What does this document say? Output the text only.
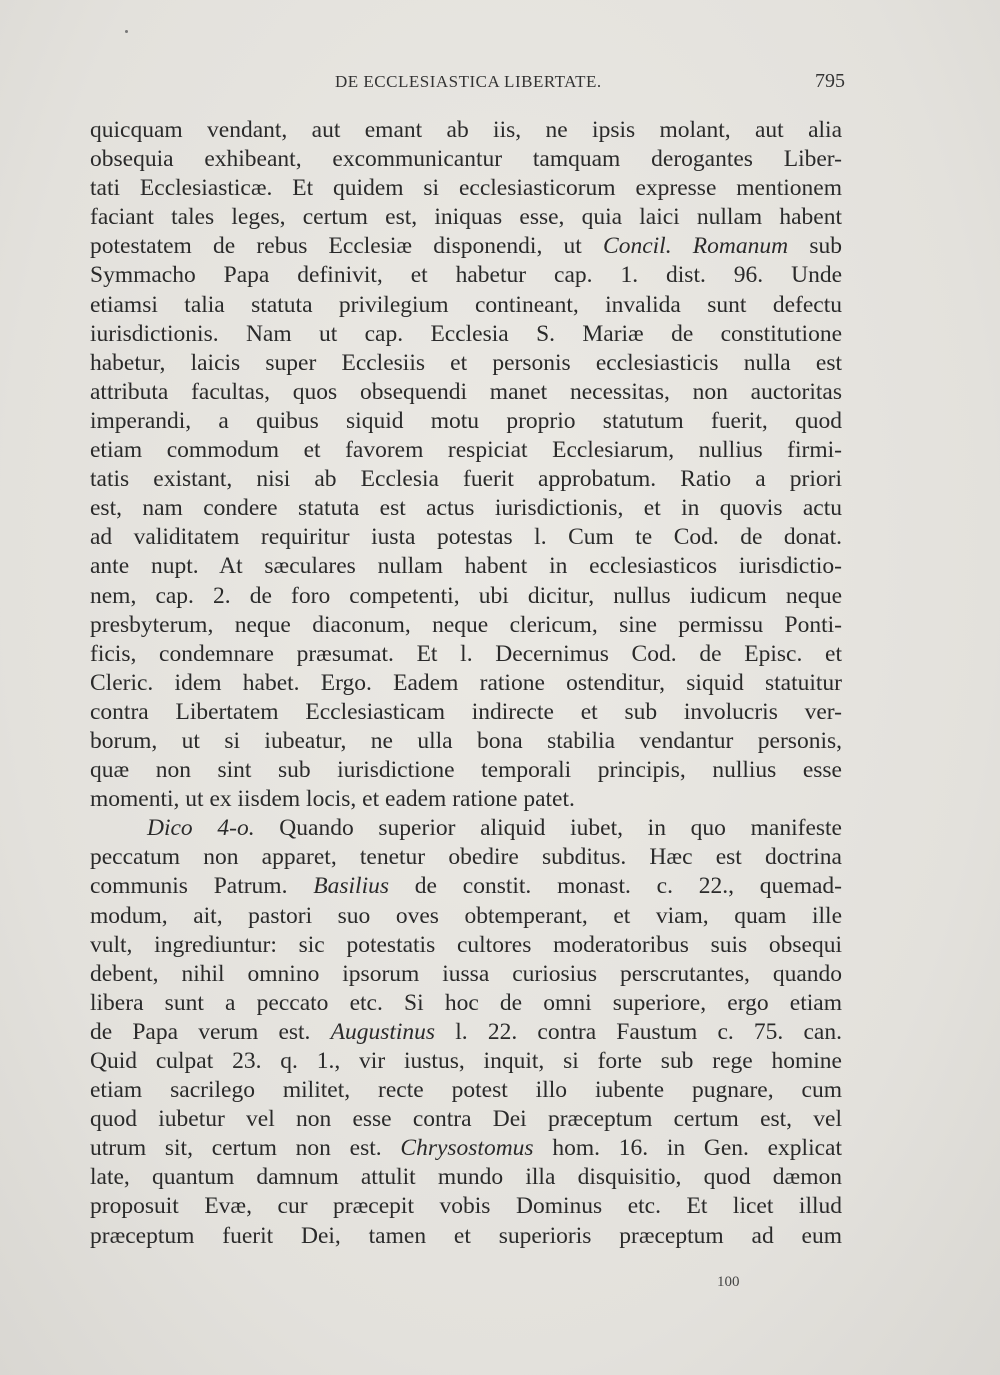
DE ECCLESIASTICA LIBERTATE.	795
quicquam vendant, aut emant ab iis, ne ipsis molant, aut alia
obsequia exhibeant, excommunicantur tamquam derogantes Liber-
tati Ecclesiasticæ. Et quidem si ecclesiasticorum expresse mentionem
faciant tales leges, certum est, iniquas esse, quia laici nullam habent
potestatem de rebus Ecclesiæ disponendi, ut Concil. Romanum sub
Symmacho Papa definivit, et habetur cap. 1. dist. 96. Unde
etiamsi talia statuta privilegium contineant, invalida sunt defectu
iurisdictionis. Nam ut cap. Ecclesia S. Mariæ de constitutione
habetur, laicis super Ecclesiis et personis ecclesiasticis nulla est
attributa facultas, quos obsequendi manet necessitas, non auctoritas
imperandi, a quibus siquid motu proprio statutum fuerit, quod
etiam commodum et favorem respiciat Ecclesiarum, nullius firmi-
tatis existant, nisi ab Ecclesia fuerit approbatum. Ratio a priori
est, nam condere statuta est actus iurisdictionis, et in quovis actu
ad validitatem requiritur iusta potestas l. Cum te Cod. de donat.
ante nupt. At sæculares nullam habent in ecclesiasticos iurisdictio-
nem, cap. 2. de foro competenti, ubi dicitur, nullus iudicum neque
presbyterum, neque diaconum, neque clericum, sine permissu Ponti-
ficis, condemnare præsumat. Et l. Decernimus Cod. de Episc. et
Cleric. idem habet. Ergo. Eadem ratione ostenditur, siquid statuitur
contra Libertatem Ecclesiasticam indirecte et sub involucris ver-
borum, ut si iubeatur, ne ulla bona stabilia vendantur personis,
quæ non sint sub iurisdictione temporali principis, nullius esse
momenti, ut ex iisdem locis, et eadem ratione patet.
Dico 4-o. Quando superior aliquid iubet, in quo manifeste
peccatum non apparet, tenetur obedire subditus. Hæc est doctrina
communis Patrum. Basilius de constit. monast. c. 22., quemad-
modum, ait, pastori suo oves obtemperant, et viam, quam ille
vult, ingrediuntur: sic potestatis cultores moderatoribus suis obsequi
debent, nihil omnino ipsorum iussa curiosius perscrutantes, quando
libera sunt a peccato etc. Si hoc de omni superiore, ergo etiam
de Papa verum est. Augustinus l. 22. contra Faustum c. 75. can.
Quid culpat 23. q. 1., vir iustus, inquit, si forte sub rege homine
etiam sacrilego militet, recte potest illo iubente pugnare, cum
quod iubetur vel non esse contra Dei præceptum certum est, vel
utrum sit, certum non est. Chrysostomus hom. 16. in Gen. explicat
late, quantum damnum attulit mundo illa disquisitio, quod dæmon
proposuit Evæ, cur præcepit vobis Dominus etc. Et licet illud
præceptum fuerit Dei, tamen et superioris præceptum ad eum
100
